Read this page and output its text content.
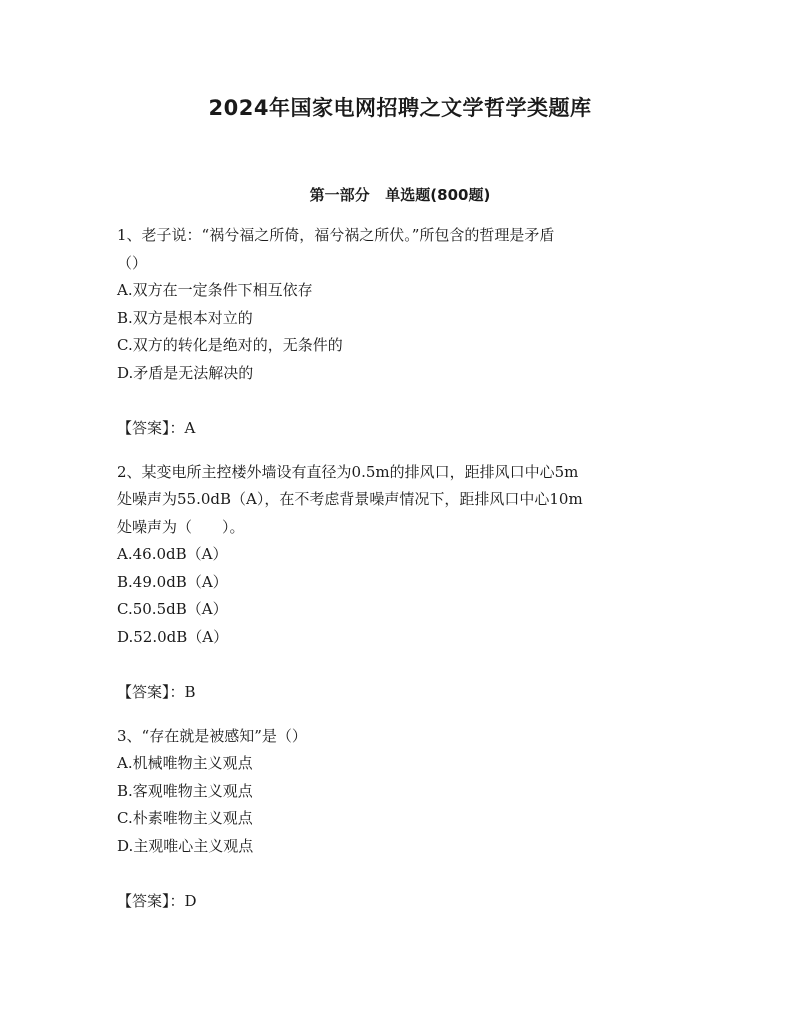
2024年国家电网招聘之文学哲学类题库
第一部分   单选题(800题)

1、老子说：“祸兮福之所倚，福兮祸之所伏。”所包含的哲理是矛盾

（）

A.双方在一定条件下相互依存

B.双方是根本对立的

C.双方的转化是绝对的，无条件的

D.矛盾是无法解决的

【答案】：A

2、某变电所主控楼外墙设有直径为0.5m的排风口，距排风口中心5m

处噪声为55.0dB（A），在不考虑背景噪声情况下，距排风口中心10m

处噪声为（　　）。

A.46.0dB（A）

B.49.0dB（A）

C.50.5dB（A）

D.52.0dB（A）

【答案】：B

3、“存在就是被感知”是（）

A.机械唯物主义观点

B.客观唯物主义观点

C.朴素唯物主义观点

D.主观唯心主义观点

【答案】：D
